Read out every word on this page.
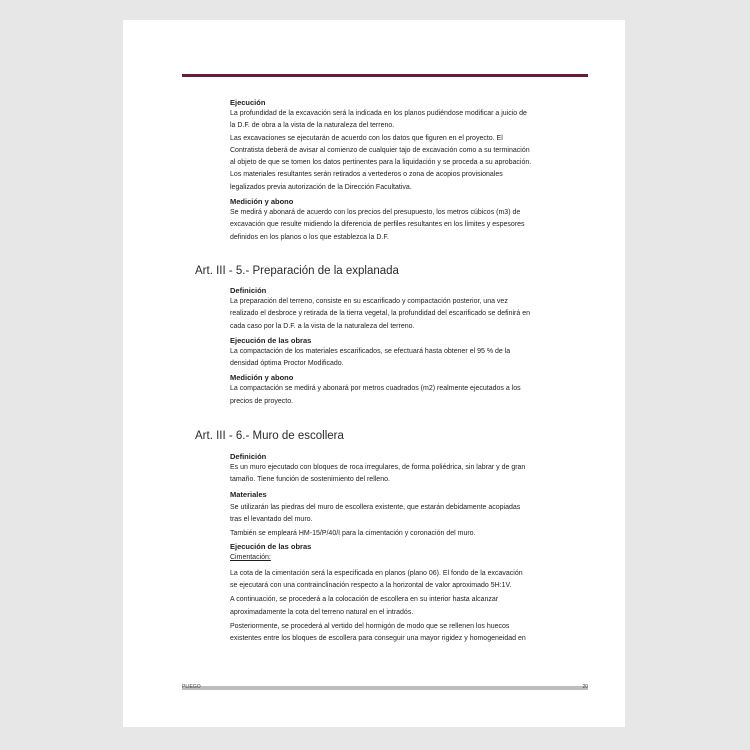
Ejecución

La profundidad de la excavación será la indicada en los planos pudiéndose modificar a juicio de

la D.F. de obra a la vista de la naturaleza del terreno.

Las excavaciones se ejecutarán de acuerdo con los datos que figuren en el proyecto. El

Contratista deberá de avisar al comienzo de cualquier tajo de excavación como a su terminación

al objeto de que se tomen los datos pertinentes para la liquidación y se proceda a su aprobación.

Los materiales resultantes serán retirados a vertederos o zona de acopios provisionales

legalizados previa autorización de la Dirección Facultativa.

Medición y abono

Se medirá y abonará de acuerdo con los precios del presupuesto, los metros cúbicos (m3) de

excavación que resulte midiendo la diferencia de perfiles resultantes en los límites y espesores

definidos en los planos o los que establezca la D.F.

Art. III - 5.- Preparación de la explanada

Definición

La preparación del terreno, consiste en su escarificado y compactación posterior, una vez

realizado el desbroce y retirada de la tierra vegetal, la profundidad del escarificado se definirá en

cada caso por la D.F. a la vista de la naturaleza del terreno.

Ejecución de las obras

La compactación de los materiales escarificados, se efectuará hasta obtener el 95 % de la

densidad óptima Proctor Modificado.

Medición y abono

La compactación se medirá y abonará por metros cuadrados (m2) realmente ejecutados a los

precios de proyecto.

Art. III - 6.- Muro de escollera

Definición

Es un muro ejecutado con bloques de roca irregulares, de forma poliédrica, sin labrar y de gran

tamaño. Tiene función de sostenimiento del relleno.

Materiales

Se utilizarán las piedras del muro de escollera existente, que estarán debidamente acopiadas

tras el levantado del muro.

También se empleará HM-15/P/40/I para la cimentación y coronación del muro.

Ejecución de las obras

Cimentación:

La cota de la cimentación será la especificada en planos (plano 06). El fondo de la excavación

se ejecutará con una contrainclinación respecto a la horizontal de valor aproximado 5H:1V.

A continuación, se procederá a la colocación de escollera en su interior hasta alcanzar

aproximadamente la cota del terreno natural en el intradós.

Posteriormente, se procederá al vertido del hormigón de modo que se rellenen los huecos

existentes entre los bloques de escollera para conseguir una mayor rigidez y homogeneidad en

PLIEGO	20
